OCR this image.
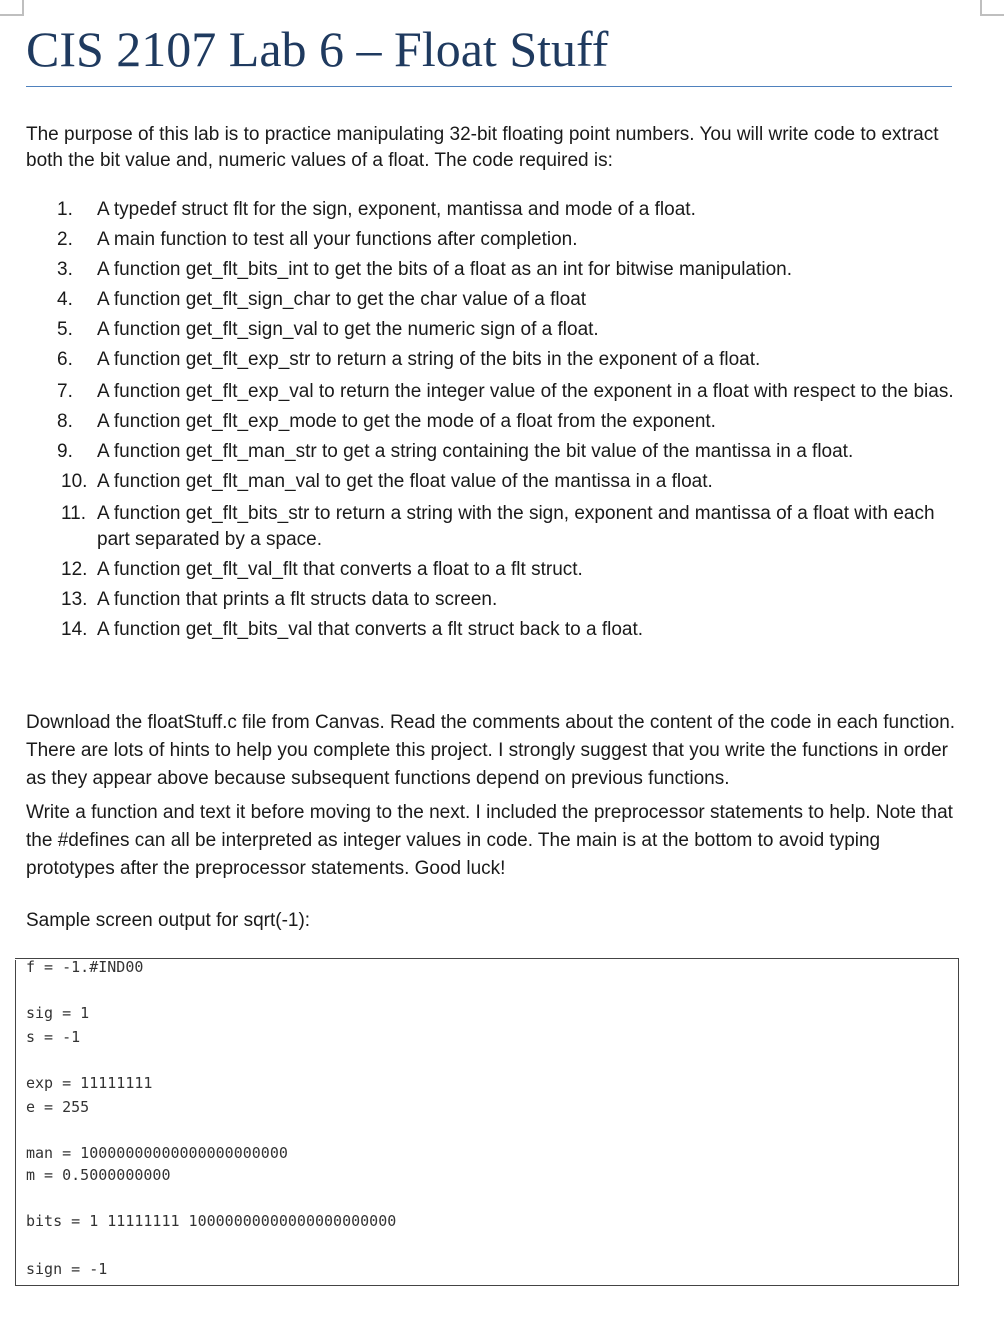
CIS 2107 Lab 6 – Float Stuff

The purpose of this lab is to practice manipulating 32-bit floating point numbers. You will write code to extract both the bit value and, numeric values of a float. The code required is:

1. A typedef struct flt for the sign, exponent, mantissa and mode of a float.
2. A main function to test all your functions after completion.
3. A function get_flt_bits_int to get the bits of a float as an int for bitwise manipulation.
4. A function get_flt_sign_char to get the char value of a float
5. A function get_flt_sign_val to get the numeric sign of a float.
6. A function get_flt_exp_str to return a string of the bits in the exponent of a float.
7. A function get_flt_exp_val to return the integer value of the exponent in a float with respect to the bias.
8. A function get_flt_exp_mode to get the mode of a float from the exponent.
9. A function get_flt_man_str to get a string containing the bit value of the mantissa in a float.
10. A function get_flt_man_val to get the float value of the mantissa in a float.
11. A function get_flt_bits_str to return a string with the sign, exponent and mantissa of a float with each part separated by a space.
12. A function get_flt_val_flt that converts a float to a flt struct.
13. A function that prints a flt structs data to screen.
14. A function get_flt_bits_val that converts a flt struct back to a float.

Download the floatStuff.c file from Canvas. Read the comments about the content of the code in each function. There are lots of hints to help you complete this project. I strongly suggest that you write the functions in order as they appear above because subsequent functions depend on previous functions.

Write a function and text it before moving to the next. I included the preprocessor statements to help. Note that the #defines can all be interpreted as integer values in code. The main is at the bottom to avoid typing prototypes after the preprocessor statements. Good luck!

Sample screen output for sqrt(-1):

f = -1.#IND00
sig = 1
s = -1
exp = 11111111
e = 255
man = 10000000000000000000000
m = 0.5000000000
bits = 1 11111111 10000000000000000000000
sign = -1
